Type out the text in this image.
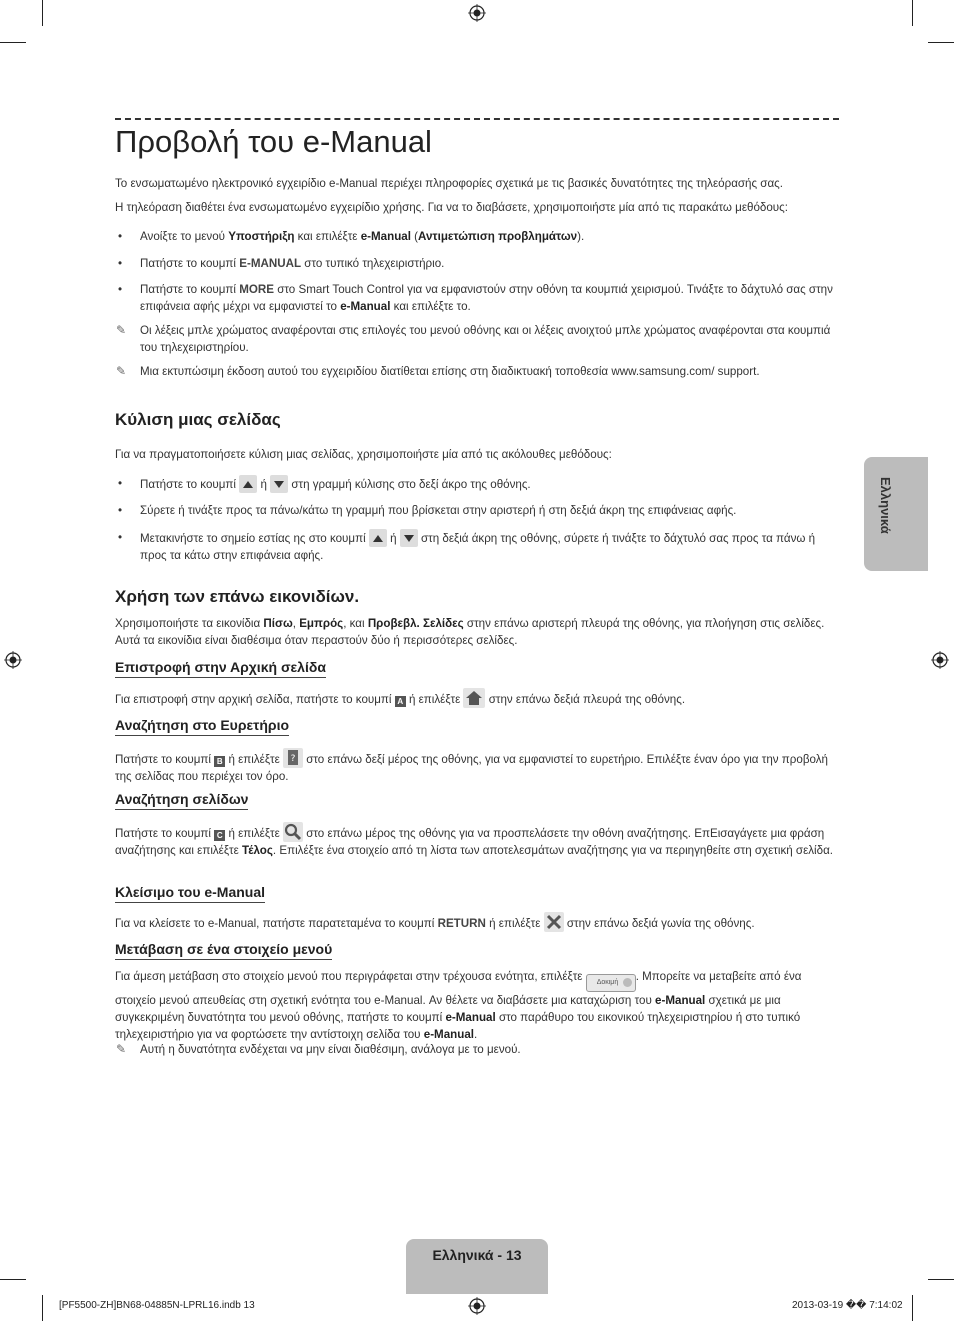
Προβολή του e-Manual

Το ενσωματωμένο ηλεκτρονικό εγχειρίδιο e-Manual περιέχει πληροφορίες σχετικά με τις βασικές δυνατότητες της τηλεόρασής σας.

Η τηλεόραση διαθέτει ένα ενσωματωμένο εγχειρίδιο χρήσης. Για να το διαβάσετε, χρησιμοποιήστε μία από τις παρακάτω μεθόδους:

• Ανοίξτε το μενού Υποστήριξη και επιλέξτε e-Manual (Αντιμετώπιση προβλημάτων).
• Πατήστε το κουμπί E-MANUAL στο τυπικό τηλεχειριστήριο.
• Πατήστε το κουμπί MORE στο Smart Touch Control για να εμφανιστούν στην οθόνη τα κουμπιά χειρισμού. Τινάξτε το δάχτυλό σας στην επιφάνεια αφής μέχρι να εμφανιστεί το e-Manual και επιλέξτε το.
✎ Οι λέξεις μπλε χρώματος αναφέρονται στις επιλογές του μενού οθόνης και οι λέξεις ανοιχτού μπλε χρώματος αναφέρονται στα κουμπιά του τηλεχειριστηρίου.
✎ Μια εκτυπώσιμη έκδοση αυτού του εγχειριδίου διατίθεται επίσης στη διαδικτυακή τοποθεσία www.samsung.com/ support.
Κύλιση μιας σελίδας

Για να πραγματοποιήσετε κύλιση μιας σελίδας, χρησιμοποιήστε μία από τις ακόλουθες μεθόδους:

• Πατήστε το κουμπί  ή  στη γραμμή κύλισης στο δεξί άκρο της οθόνης.
• Σύρετε ή τινάξτε προς τα πάνω/κάτω τη γραμμή που βρίσκεται στην αριστερή ή στη δεξιά άκρη της επιφάνειας αφής.
• Μετακινήστε το σημείο εστίας ης στο κουμπί  ή  στη δεξιά άκρη της οθόνης, σύρετε ή τινάξτε το δάχτυλό σας προς τα πάνω ή προς τα κάτω στην επιφάνεια αφής.
Χρήση των επάνω εικονιδίων.

Χρησιμοποιήστε τα εικονίδια Πίσω, Εμπρός, και Προβεβλ. Σελίδες στην επάνω αριστερή πλευρά της οθόνης, για πλοήγηση στις σελίδες. Αυτά τα εικονίδια είναι διαθέσιμα όταν περαστούν δύο ή περισσότερες σελίδες.

Επιστροφή στην Αρχική σελίδα

Για επιστροφή στην αρχική σελίδα, πατήστε το κουμπί A ή επιλέξτε  στην επάνω δεξιά πλευρά της οθόνης.

Αναζήτηση στο Ευρετήριο

Πατήστε το κουμπί B ή επιλέξτε ? στο επάνω δεξί μέρος της οθόνης, για να εμφανιστεί το ευρετήριο. Επιλέξτε έναν όρο για την προβολή της σελίδας που περιέχει τον όρο.

Αναζήτηση σελίδων

Πατήστε το κουμπί C ή επιλέξτε  στο επάνω μέρος της οθόνης για να προσπελάσετε την οθόνη αναζήτησης. ΕπΕισαγάγετε μια φράση αναζήτησης και επιλέξτε Τέλος. Επιλέξτε ένα στοιχείο από τη λίστα των αποτελεσμάτων αναζήτησης για να περιηγηθείτε στη σχετική σελίδα.

Κλείσιμο του e-Manual

Για να κλείσετε το e-Manual, πατήστε παρατεταμένα το κουμπί RETURN ή επιλέξτε  στην επάνω δεξιά γωνία της οθόνης.

Μετάβαση σε ένα στοιχείο μενού

Για άμεση μετάβαση στο στοιχείο μενού που περιγράφεται στην τρέχουσα ενότητα, επιλέξτε Δοκιμή . Μπορείτε να μεταβείτε από ένα στοιχείο μενού απευθείας στη σχετική ενότητα του e-Manual. Αν θέλετε να διαβάσετε μια καταχώριση του e-Manual σχετικά με μια συγκεκριμένη δυνατότητα του μενού οθόνης, πατήστε το κουμπί e-Manual στο παράθυρο του εικονικού τηλεχειριστηρίου ή στο τυπικό τηλεχειριστήριο για να φορτώσετε την αντίστοιχη σελίδα του e-Manual.

✎ Αυτή η δυνατότητα ενδέχεται να μην είναι διαθέσιμη, ανάλογα με το μενού.
Ελληνικά
Ελληνικά - 13
[PF5500-ZH]BN68-04885N-LPRL16.indb 13	2013-03-19 �� 7:14:02
